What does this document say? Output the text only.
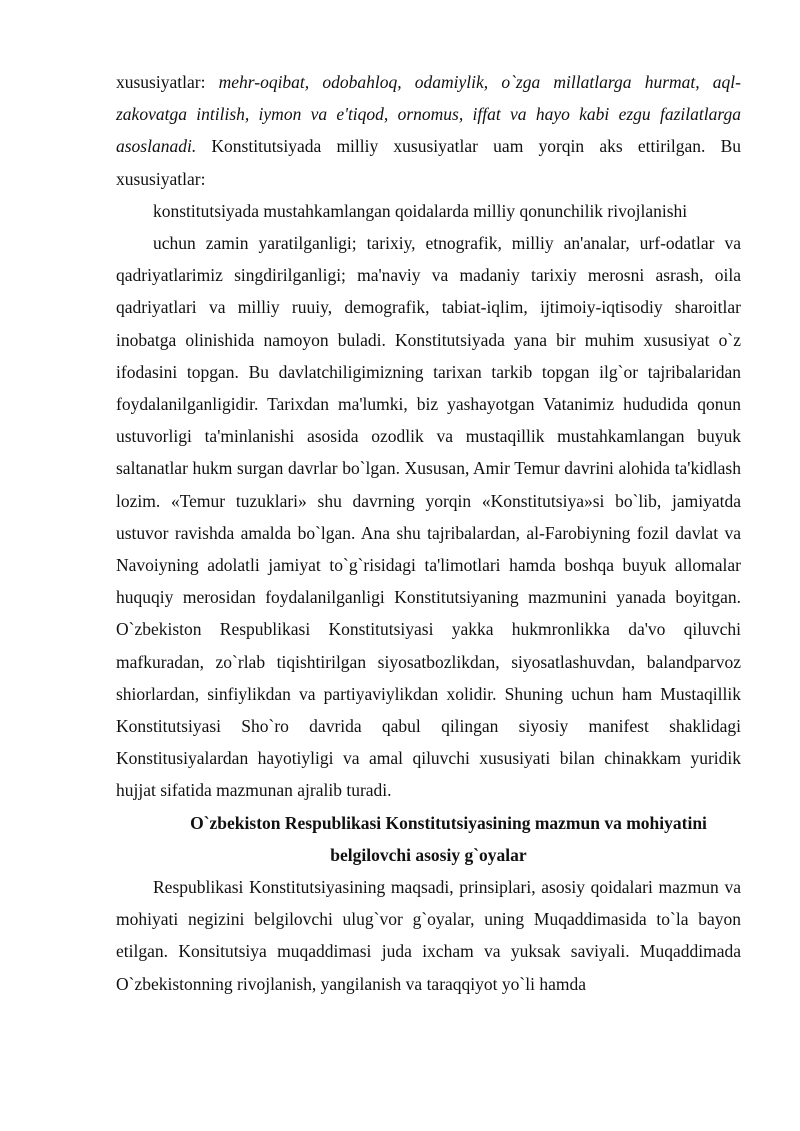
xususiyatlar: mehr-oqibat, odobahloq, odamiylik, o`zga millatlarga hurmat, aql-zakovatga intilish, iymon va e'tiqod, ornomus, iffat va hayo kabi ezgu fazilatlarga asoslanadi. Konstitutsiyada milliy xususiyatlar uam yorqin aks ettirilgan. Bu xususiyatlar:

konstitutsiyada mustahkamlangan qoidalarda milliy qonunchilik rivojlanishi

uchun zamin yaratilganligi; tarixiy, etnografik, milliy an'analar, urf-odatlar va qadriyatlarimiz singdirilganligi; ma'naviy va madaniy tarixiy merosni asrash, oila qadriyatlari va milliy ruuiy, demografik, tabiat-iqlim, ijtimoiy-iqtisodiy sharoitlar inobatga olinishida namoyon buladi. Konstitutsiyada yana bir muhim xususiyat o`z ifodasini topgan. Bu davlatchiligimizning tarixan tarkib topgan ilg`or tajribalaridan foydalanilganligidir. Tarixdan ma'lumki, biz yashayotgan Vatanimiz hududida qonun ustuvorligi ta'minlanishi asosida ozodlik va mustaqillik mustahkamlangan buyuk saltanatlar hukm surgan davrlar bo`lgan. Xususan, Amir Temur davrini alohida ta'kidlash lozim. «Temur tuzuklari» shu davrning yorqin «Konstitutsiya»si bo`lib, jamiyatda ustuvor ravishda amalda bo`lgan. Ana shu tajribalardan, al-Farobiyning fozil davlat va Navoiyning adolatli jamiyat to`g`risidagi ta'limotlari hamda boshqa buyuk allomalar huquqiy merosidan foydalanilganligi Konstitutsiyaning mazmunini yanada boyitgan. O`zbekiston Respublikasi Konstitutsiyasi yakka hukmronlikka da'vo qiluvchi mafkuradan, zo`rlab tiqishtirilgan siyosatbozlikdan, siyosatlashuvdan, balandparvoz shiorlardan, sinfiylikdan va partiyaviylikdan xolidir. Shuning uchun ham Mustaqillik Konstitutsiyasi Sho`ro davrida qabul qilingan siyosiy manifest shaklidagi Konstitusiyalardan hayotiyligi va amal qiluvchi xususiyati bilan chinakkam yuridik hujjat sifatida mazmunan ajralib turadi.

O`zbekiston Respublikasi Konstitutsiyasining mazmun va mohiyatini

belgilovchi asosiy g`oyalar

Respublikasi Konstitutsiyasining maqsadi, prinsiplari, asosiy qoidalari mazmun va mohiyati negizini belgilovchi ulug`vor g`oyalar, uning Muqaddimasida to`la bayon etilgan. Konsitutsiya muqaddimasi juda ixcham va yuksak saviyali. Muqaddimada O`zbekistonning rivojlanish, yangilanish va taraqqiyot yo`li hamda
